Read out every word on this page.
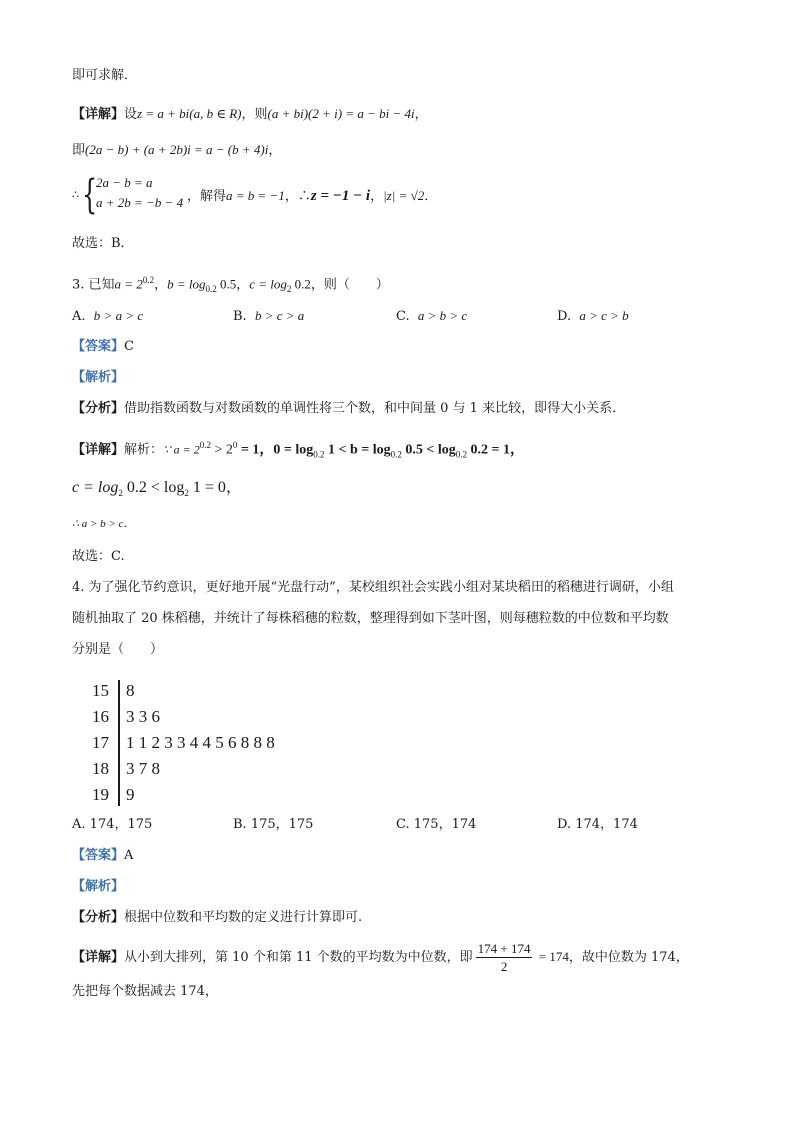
即可求解．
【详解】设z = a + bi(a, b ∈ R)，则(a + bi)(2 + i) = a − bi − 4i，
即(2a − b) + (a + 2b)i = a − (b + 4)i，
∴ {
2a − b = a
a + 2b = −b − 4 ，解得a = b = −1，∴z = −1 − i，|z| = √2．
故选：B．
3. 已知$a = 2^{0.2}$，$b = \log_{0.2} 0.5$，$c = \log_2 0.2$，则（　　）
A. b > a > c	B. b > c > a	C. a > b > c	D. a > c > b
【答案】C
【解析】
【分析】借助指数函数与对数函数的单调性将三个数，和中间量 0 与 1 来比较，即得大小关系．
【详解】解析：∵ $a = 2^{0.2} > 2^0 = 1$，$0 = \log_{0.2} 1 < b = \log_{0.2} 0.5 < \log_{0.2} 0.2 = 1$，
$c = \log_2 0.2 < \log_2 1 = 0$，
∴ a > b > c．
故选：C.
4. 为了强化节约意识，更好地开展“光盘行动”，某校组织社会实践小组对某块稻田的稻穗进行调研，小组
随机抽取了 20 株稻穗，并统计了每株稻穗的粒数，整理得到如下茎叶图，则每穗粒数的中位数和平均数
分别是（　　）
15 8
16 3 3 6
17 1 1 2 3 3 4 4 5 6 8 8 8
18 3 7 8
19 9
A. 174，175	B. 175，175	C. 175，174	D. 174，174
【答案】A
【解析】
【分析】根据中位数和平均数的定义进行计算即可.
【详解】从小到大排列，第 10 个和第 11 个数的平均数为中位数，即 $\frac{174 + 174}{2} = 174$，故中位数为 174，
先把每个数据减去 174，
